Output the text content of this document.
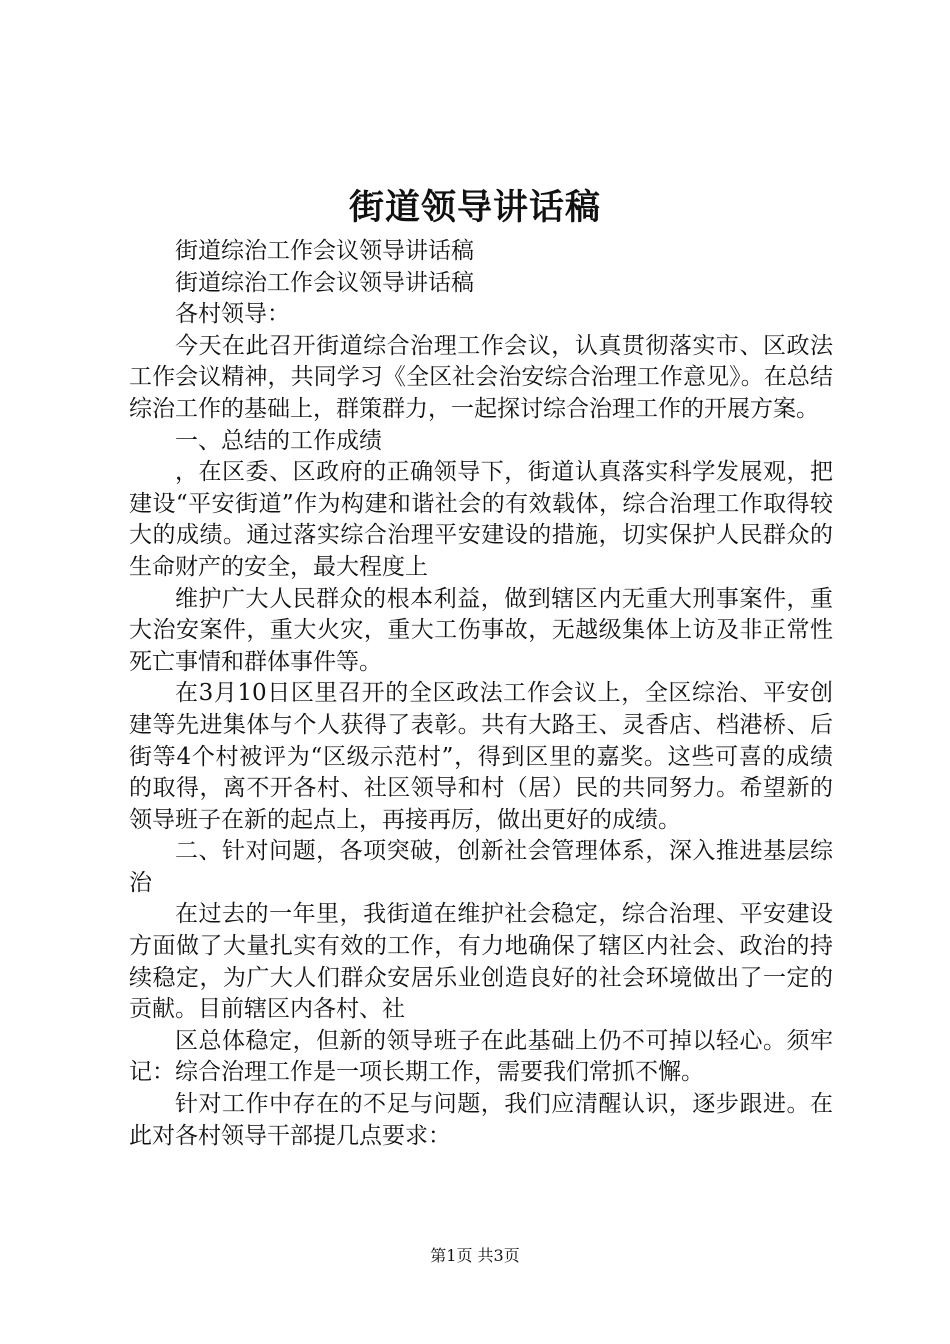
街道领导讲话稿

街道综治工作会议领导讲话稿

街道综治工作会议领导讲话稿

各村领导：

今天在此召开街道综合治理工作会议，认真贯彻落实市、区政法工作会议精神，共同学习《全区社会治安综合治理工作意见》。在总结综治工作的基础上，群策群力，一起探讨综合治理工作的开展方案。

一、总结的工作成绩

，在区委、区政府的正确领导下，街道认真落实科学发展观，把建设“平安街道”作为构建和谐社会的有效载体，综合治理工作取得较大的成绩。通过落实综合治理平安建设的措施，切实保护人民群众的生命财产的安全，最大程度上

维护广大人民群众的根本利益，做到辖区内无重大刑事案件，重大治安案件，重大火灾，重大工伤事故，无越级集体上访及非正常性死亡事情和群体事件等。

在3月10日区里召开的全区政法工作会议上，全区综治、平安创建等先进集体与个人获得了表彰。共有大路王、灵香店、档港桥、后街等4个村被评为“区级示范村”，得到区里的嘉奖。这些可喜的成绩的取得，离不开各村、社区领导和村（居）民的共同努力。希望新的领导班子在新的起点上，再接再厉，做出更好的成绩。

二、针对问题，各项突破，创新社会管理体系，深入推进基层综治

在过去的一年里，我街道在维护社会稳定，综合治理、平安建设方面做了大量扎实有效的工作，有力地确保了辖区内社会、政治的持续稳定，为广大人们群众安居乐业创造良好的社会环境做出了一定的贡献。目前辖区内各村、社

区总体稳定，但新的领导班子在此基础上仍不可掉以轻心。须牢记：综合治理工作是一项长期工作，需要我们常抓不懈。

针对工作中存在的不足与问题，我们应清醒认识，逐步跟进。在此对各村领导干部提几点要求：

第1页 共3页
